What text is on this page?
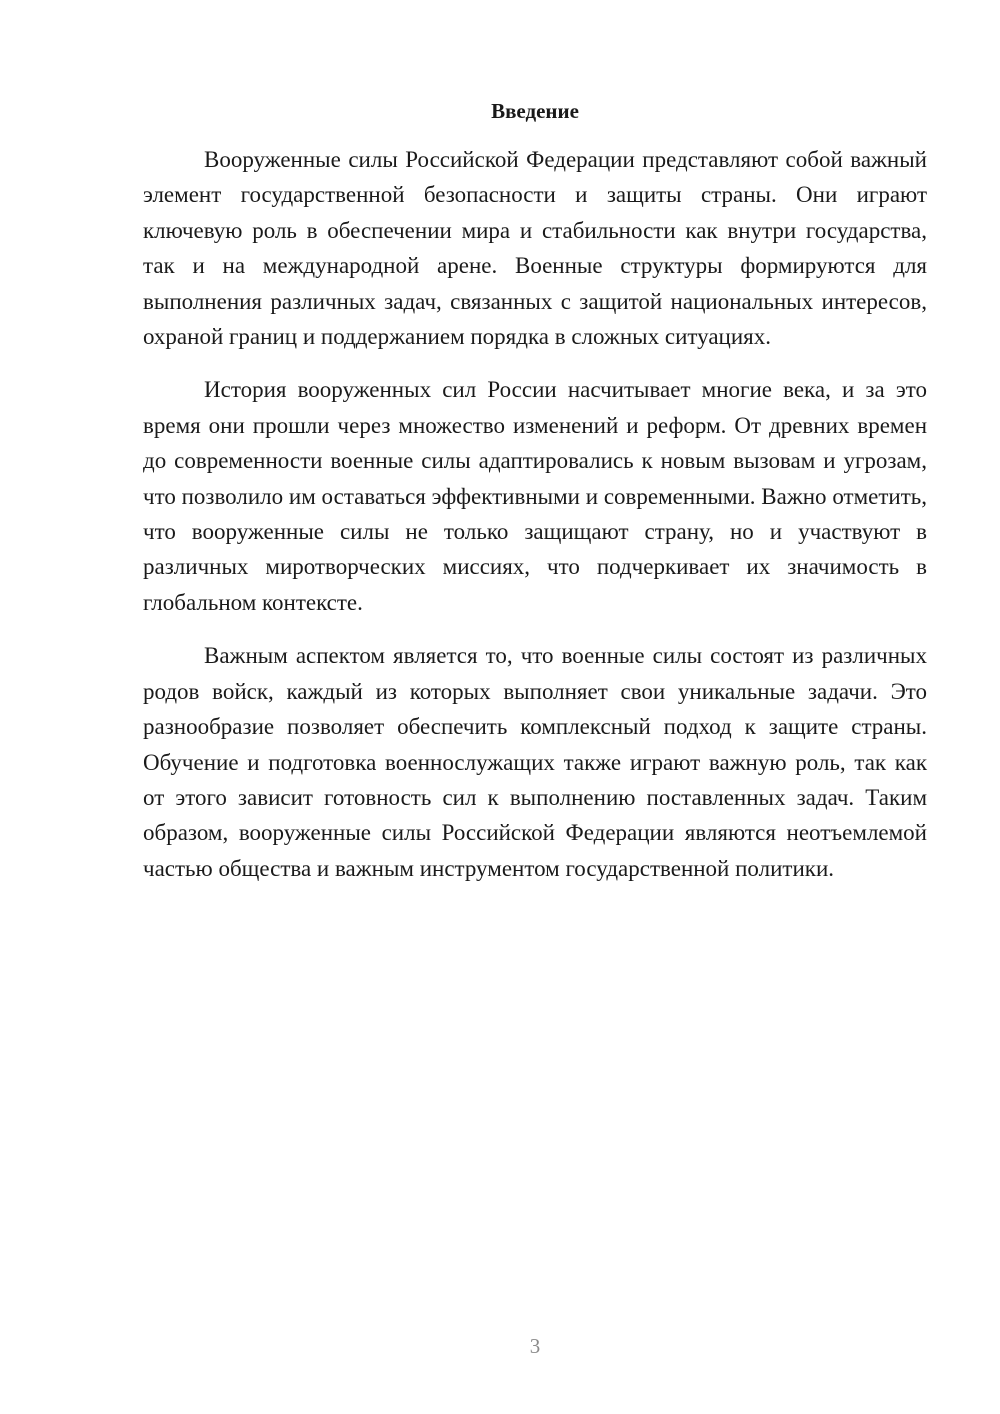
Введение

Вооруженные силы Российской Федерации представляют собой важный элемент государственной безопасности и защиты страны. Они играют ключевую роль в обеспечении мира и стабильности как внутри государства, так и на международной арене. Военные структуры формируются для выполнения различных задач, связанных с защитой национальных интересов, охраной границ и поддержанием порядка в сложных ситуациях.

История вооруженных сил России насчитывает многие века, и за это время они прошли через множество изменений и реформ. От древних времен до современности военные силы адаптировались к новым вызовам и угрозам, что позволило им оставаться эффективными и современными. Важно отметить, что вооруженные силы не только защищают страну, но и участвуют в различных миротворческих миссиях, что подчеркивает их значимость в глобальном контексте.

Важным аспектом является то, что военные силы состоят из различных родов войск, каждый из которых выполняет свои уникальные задачи. Это разнообразие позволяет обеспечить комплексный подход к защите страны. Обучение и подготовка военнослужащих также играют важную роль, так как от этого зависит готовность сил к выполнению поставленных задач. Таким образом, вооруженные силы Российской Федерации являются неотъемлемой частью общества и важным инструментом государственной политики.

3
